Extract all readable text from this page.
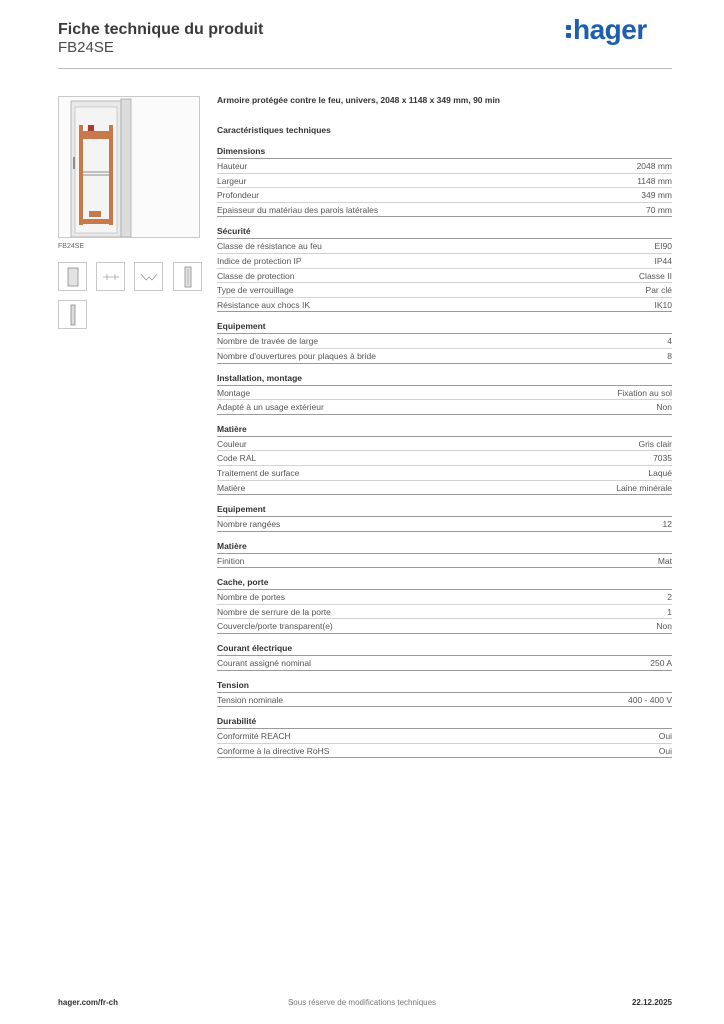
Fiche technique du produit
FB24SE
hager
FB24SE
Armoire protégée contre le feu, univers, 2048 x 1148 x 349 mm, 90 min
Caractéristiques techniques
Dimensions
Hauteur	2048 mm
Largeur	1148 mm
Profondeur	349 mm
Epaisseur du matériau des parois latérales	70 mm
Sécurité
Classe de résistance au feu	EI90
Indice de protection IP	IP44
Classe de protection	Classe II
Type de verrouillage	Par clé
Résistance aux chocs IK	IK10
Equipement
Nombre de travée de large	4
Nombre d'ouvertures pour plaques à bride	8
Installation, montage
Montage	Fixation au sol
Adapté à un usage extérieur	Non
Matière
Couleur	Gris clair
Code RAL	7035
Traitement de surface	Laqué
Matière	Laine minérale
Equipement
Nombre rangées	12
Matière
Finition	Mat
Cache, porte
Nombre de portes	2
Nombre de serrure de la porte	1
Couvercle/porte transparent(e)	Non
Courant électrique
Courant assigné nominal	250 A
Tension
Tension nominale	400 - 400 V
Durabilité
Conformité REACH	Oui
Conforme à la directive RoHS	Oui
hager.com/fr-ch	Sous réserve de modifications techniques	22.12.2025
